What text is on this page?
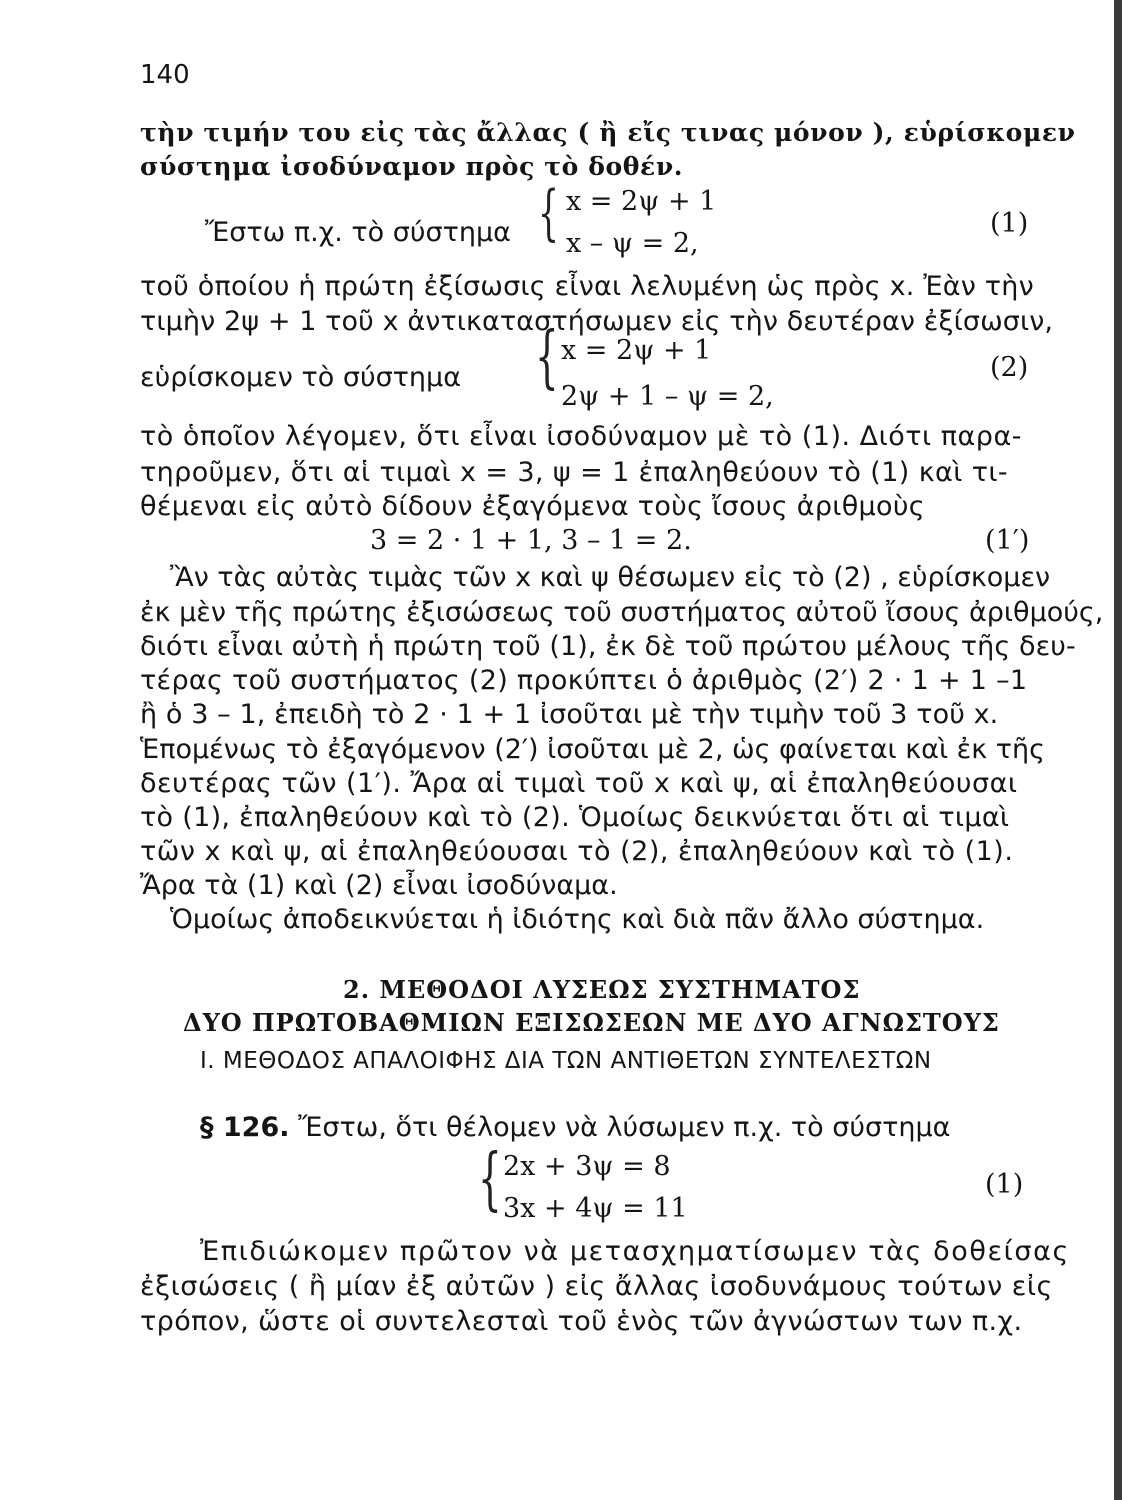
140
τὴν τιμήν του εἰς τὰς ἄλλας ( ἢ εἴς τινας μόνον ), εὑρίσκομεν
σύστημα ἰσοδύναμον πρὸς τὸ δοθέν.
Ἔστω π.χ. τὸ σύστημα { x = 2ψ + 1
x – ψ = 2,
(1)
τοῦ ὁποίου ἡ πρώτη ἐξίσωσις εἶναι λελυμένη ὡς πρὸς x. Ἐὰν τὴν
τιμὴν 2ψ + 1 τοῦ x ἀντικαταστήσωμεν εἰς τὴν δευτέραν ἐξίσωσιν,
εὑρίσκομεν τὸ σύστημα { x = 2ψ + 1
2ψ + 1 – ψ = 2,
(2)
τὸ ὁποῖον λέγομεν, ὅτι εἶναι ἰσοδύναμον μὲ τὸ (1). Διότι παρα-
τηροῦμεν, ὅτι αἱ τιμαὶ x = 3, ψ = 1 ἐπαληθεύουν τὸ (1) καὶ τι-
θέμεναι εἰς αὐτὸ δίδουν ἐξαγόμενα τοὺς ἴσους ἀριθμοὺς
3 = 2 · 1 + 1, 3 – 1 = 2.	(1′)
Ἂν τὰς αὐτὰς τιμὰς τῶν x καὶ ψ θέσωμεν εἰς τὸ (2) , εὑρίσκομεν
ἐκ μὲν τῆς πρώτης ἐξισώσεως τοῦ συστήματος αὐτοῦ ἴσους ἀριθμούς,
διότι εἶναι αὐτὴ ἡ πρώτη τοῦ (1), ἐκ δὲ τοῦ πρώτου μέλους τῆς δευ-
τέρας τοῦ συστήματος (2) προκύπτει ὁ ἀριθμὸς (2′) 2 · 1 + 1 –1
ἢ ὁ 3 – 1, ἐπειδὴ τὸ 2 · 1 + 1 ἰσοῦται μὲ τὴν τιμὴν τοῦ 3 τοῦ x.
Ἑπομένως τὸ ἐξαγόμενον (2′) ἰσοῦται μὲ 2, ὡς φαίνεται καὶ ἐκ τῆς
δευτέρας τῶν (1′). Ἄρα αἱ τιμαὶ τοῦ x καὶ ψ, αἱ ἐπαληθεύουσαι
τὸ (1), ἐπαληθεύουν καὶ τὸ (2). Ὁμοίως δεικνύεται ὅτι αἱ τιμαὶ
τῶν x καὶ ψ, αἱ ἐπαληθεύουσαι τὸ (2), ἐπαληθεύουν καὶ τὸ (1).
Ἄρα τὰ (1) καὶ (2) εἶναι ἰσοδύναμα.
Ὁμοίως ἀποδεικνύεται ἡ ἰδιότης καὶ διὰ πᾶν ἄλλο σύστημα.
2. ΜΕΘΟΔΟΙ ΛΥΣΕΩΣ ΣΥΣΤΗΜΑΤΟΣ
ΔΥΟ ΠΡΩΤΟΒΑΘΜΙΩΝ ΕΞΙΣΩΣΕΩΝ ΜΕ ΔΥΟ ΑΓΝΩΣΤΟΥΣ
Ι. ΜΕΘΟΔΟΣ ΑΠΑΛΟΙΦΗΣ ΔΙΑ ΤΩΝ ΑΝΤΙΘΕΤΩΝ ΣΥΝΤΕΛΕΣΤΩΝ
§ 126. Ἔστω, ὅτι θέλομεν νὰ λύσωμεν π.χ. τὸ σύστημα
{ 2x + 3ψ = 8
3x + 4ψ = 11
(1)
Ἐπιδιώκομεν πρῶτον νὰ μετασχηματίσωμεν τὰς δοθείσας
ἐξισώσεις ( ἢ μίαν ἐξ αὐτῶν ) εἰς ἄλλας ἰσοδυνάμους τούτων εἰς
τρόπον, ὥστε οἱ συντελεσταὶ τοῦ ἑνὸς τῶν ἀγνώστων των π.χ.
